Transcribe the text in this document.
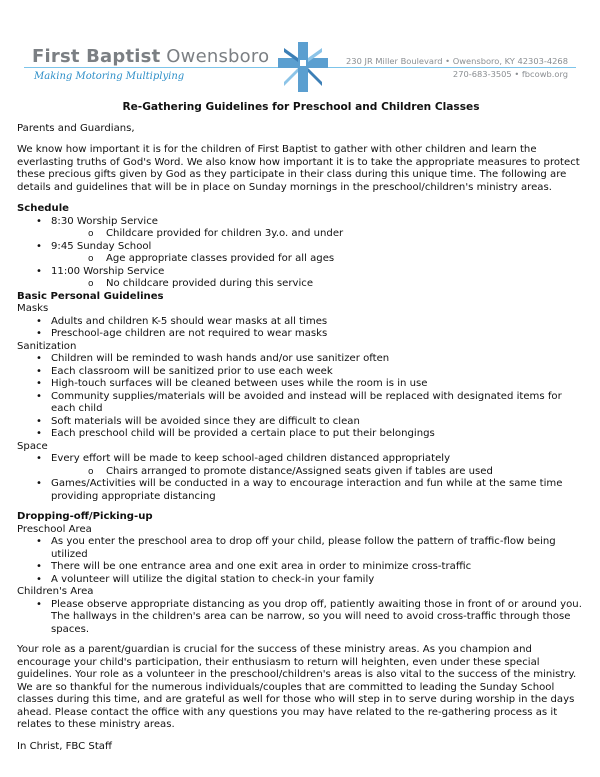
First Baptist Owensboro
Making Motoring Multiplying
230 JR Miller Boulevard • Owensboro, KY 42303-4268
270-683-3505 • fbcowb.org
Re-Gathering Guidelines for Preschool and Children Classes

Parents and Guardians,

We know how important it is for the children of First Baptist to gather with other children and learn the everlasting truths of God's Word. We also know how important it is to take the appropriate measures to protect these precious gifts given by God as they participate in their class during this unique time. The following are details and guidelines that will be in place on Sunday mornings in the preschool/children's ministry areas.

Schedule
• 8:30 Worship Service
o Childcare provided for children 3y.o. and under
• 9:45 Sunday School
o Age appropriate classes provided for all ages
• 11:00 Worship Service
o No childcare provided during this service
Basic Personal Guidelines
Masks
• Adults and children K-5 should wear masks at all times
• Preschool-age children are not required to wear masks
Sanitization
• Children will be reminded to wash hands and/or use sanitizer often
• Each classroom will be sanitized prior to use each week
• High-touch surfaces will be cleaned between uses while the room is in use
• Community supplies/materials will be avoided and instead will be replaced with designated items for each child
• Soft materials will be avoided since they are difficult to clean
• Each preschool child will be provided a certain place to put their belongings
Space
• Every effort will be made to keep school-aged children distanced appropriately
o Chairs arranged to promote distance/Assigned seats given if tables are used
• Games/Activities will be conducted in a way to encourage interaction and fun while at the same time providing appropriate distancing
Dropping-off/Picking-up
Preschool Area
• As you enter the preschool area to drop off your child, please follow the pattern of traffic-flow being utilized
• There will be one entrance area and one exit area in order to minimize cross-traffic
• A volunteer will utilize the digital station to check-in your family
Children's Area
• Please observe appropriate distancing as you drop off, patiently awaiting those in front of or around you. The hallways in the children's area can be narrow, so you will need to avoid cross-traffic through those spaces.

Your role as a parent/guardian is crucial for the success of these ministry areas. As you champion and encourage your child's participation, their enthusiasm to return will heighten, even under these special guidelines. Your role as a volunteer in the preschool/children's areas is also vital to the success of the ministry. We are so thankful for the numerous individuals/couples that are committed to leading the Sunday School classes during this time, and are grateful as well for those who will step in to serve during worship in the days ahead. Please contact the office with any questions you may have related to the re-gathering process as it relates to these ministry areas.

In Christ, FBC Staff
